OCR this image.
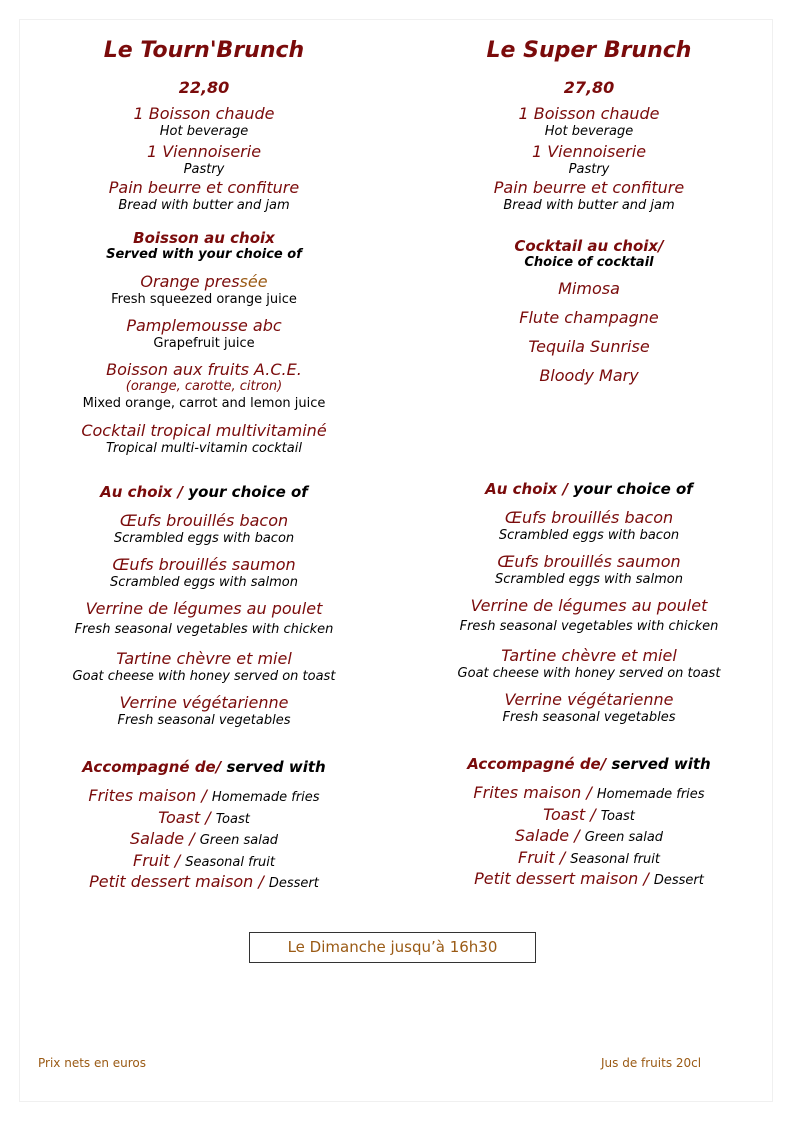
Le Tourn'Brunch
22,80
1 Boisson chaude
Hot beverage
1 Viennoiserie
Pastry
Pain beurre et confiture
Bread with butter and jam
Boisson au choix
Served with your choice of
Orange pressée
Fresh squeezed orange juice
Pamplemousse abc
Grapefruit juice
Boisson aux fruits A.C.E.
(orange, carotte, citron)
Mixed orange, carrot and lemon juice
Cocktail tropical multivitaminé
Tropical multi-vitamin cocktail
Au choix / your choice of
Œufs brouillés bacon
Scrambled eggs with bacon
Œufs brouillés saumon
Scrambled eggs with salmon
Verrine de légumes au poulet
Fresh seasonal vegetables with chicken
Tartine chèvre et miel
Goat cheese with honey served on toast
Verrine végétarienne
Fresh seasonal vegetables
Accompagné de/ served with
Frites maison / Homemade fries
Toast / Toast
Salade / Green salad
Fruit / Seasonal fruit
Petit dessert maison / Dessert
Le Super Brunch
27,80
1 Boisson chaude
Hot beverage
1 Viennoiserie
Pastry
Pain beurre et confiture
Bread with butter and jam
Cocktail au choix/
Choice of cocktail
Mimosa
Flute champagne
Tequila Sunrise
Bloody Mary
Au choix / your choice of
Œufs brouillés bacon
Scrambled eggs with bacon
Œufs brouillés saumon
Scrambled eggs with salmon
Verrine de légumes au poulet
Fresh seasonal vegetables with chicken
Tartine chèvre et miel
Goat cheese with honey served on toast
Verrine végétarienne
Fresh seasonal vegetables
Accompagné de/ served with
Frites maison / Homemade fries
Toast / Toast
Salade / Green salad
Fruit / Seasonal fruit
Petit dessert maison / Dessert
Le Dimanche jusqu’à 16h30
Prix nets en euros	Jus de fruits 20cl
